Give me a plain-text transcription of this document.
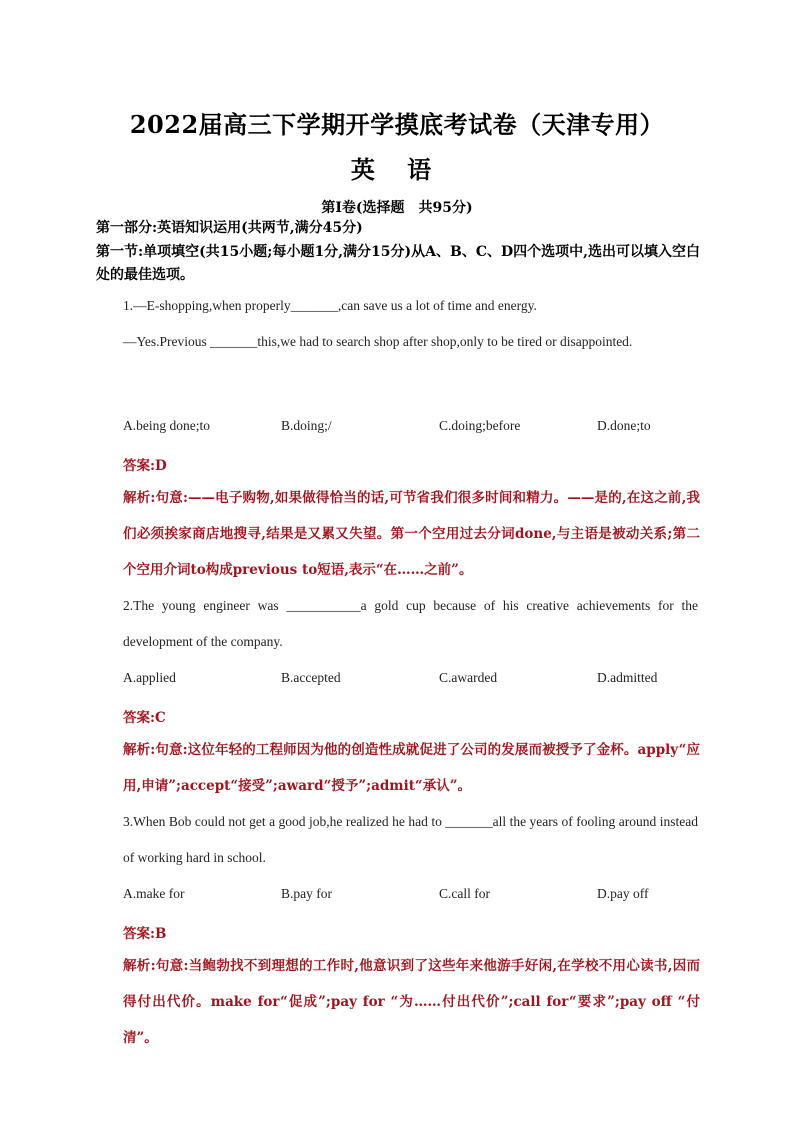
2022届高三下学期开学摸底考试卷（天津专用）
英 语
第Ⅰ卷(选择题　共95分)
第一部分:英语知识运用(共两节,满分45分)
第一节:单项填空(共15小题;每小题1分,满分15分)从A、B、C、D四个选项中,选出可以填入空白处的最佳选项。
1.—E-shopping,when properly_______,can save us a lot of time and energy.
—Yes.Previous _______this,we had to search shop after shop,only to be tired or disappointed.
A.being done;to	B.doing;/	C.doing;before	D.done;to
答案:D
解析:句意:——电子购物,如果做得恰当的话,可节省我们很多时间和精力。——是的,在这之前,我们必须挨家商店地搜寻,结果是又累又失望。第一个空用过去分词done,与主语是被动关系;第二个空用介词to构成previous to短语,表示“在……之前”。
2.The young engineer was ___________a gold cup because of his creative achievements for the development of the company.
A.applied	B.accepted	C.awarded	D.admitted
答案:C
解析:句意:这位年轻的工程师因为他的创造性成就促进了公司的发展而被授予了金杯。apply“应用,申请”;accept“接受”;award“授予”;admit“承认”。
3.When Bob could not get a good job,he realized he had to _______all the years of fooling around instead of working hard in school.
A.make for	B.pay for	C.call for	D.pay off
答案:B
解析:句意:当鲍勃找不到理想的工作时,他意识到了这些年来他游手好闲,在学校不用心读书,因而得付出代价。make for“促成”;pay for “为……付出代价”;call for“要求”;pay off “付清”。
